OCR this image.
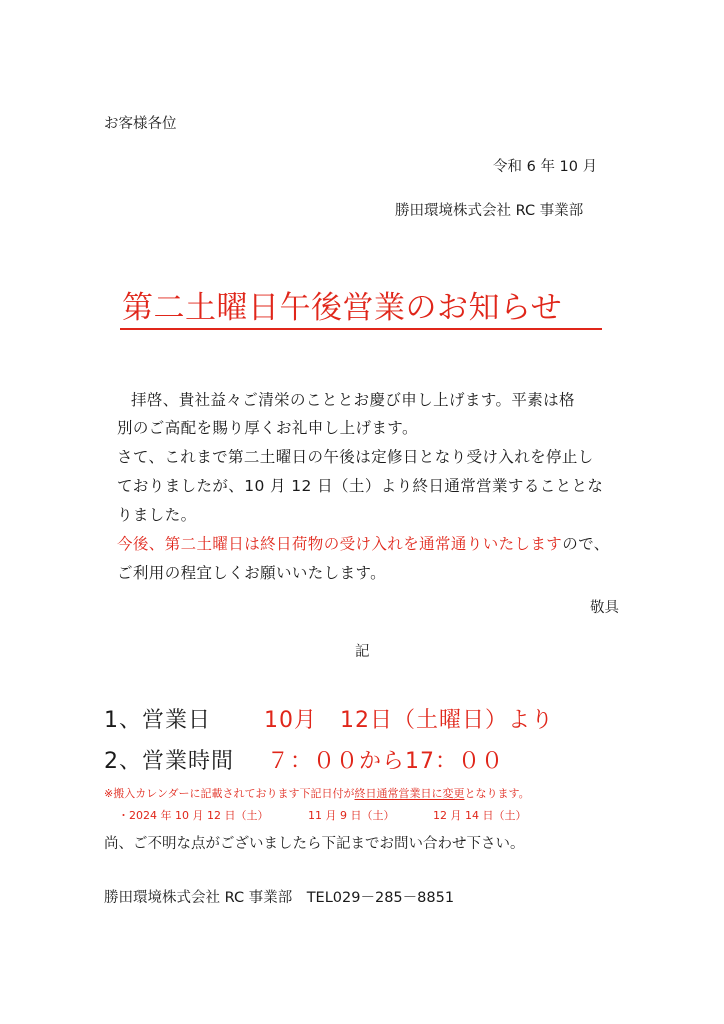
お客様各位
令和 6 年 10 月
勝田環境株式会社 RC 事業部
第二土曜日午後営業のお知らせ
拝啓、貴社益々ご清栄のこととお慶び申し上げます。平素は格
別のご高配を賜り厚くお礼申し上げます。
さて、これまで第二土曜日の午後は定修日となり受け入れを停止し
ておりましたが、10 月 12 日（土）より終日通常営業することとな
りました。
今後、第二土曜日は終日荷物の受け入れを通常通りいたしますので、
ご利用の程宜しくお願いいたします。
敬具
記
1、営業日 10月　12日（土曜日）より
2、営業時間 ７：００から17：００
※搬入カレンダーに記載されております下記日付が終日通常営業日に変更となります。
・2024 年 10 月 12 日（土）	11 月 9 日（土）	12 月 14 日（土）
尚、ご不明な点がございましたら下記までお問い合わせ下さい。
勝田環境株式会社 RC 事業部　TEL029－285－8851
